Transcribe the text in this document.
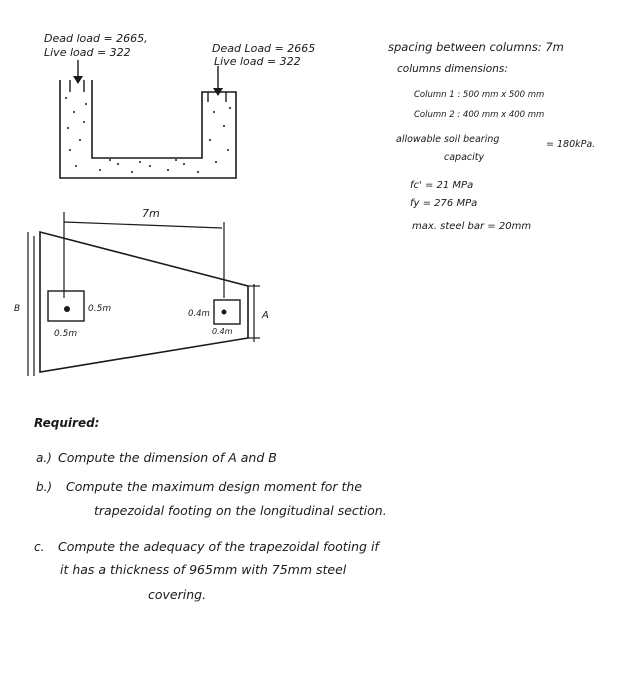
Dead load = 2665,
Live load = 322	Dead Load = 2665
Live load = 322
spacing between columns: 7m
columns dimensions:
Column 1 : 500 mm x 500 mm
Column 2 : 400 mm x 400 mm
allowable soil bearing	= 180kPa.
capacity
fc' = 21 MPa
fy = 276 MPa
max. steel bar = 20mm
7m
0.5m
0.5m
0.4m
0.4m
A
B
Required:
a.) Compute the dimension of A and B
b.) Compute the maximum design moment for the
trapezoidal footing on the longitudinal section.
c. Compute the adequacy of the trapezoidal footing if
it has a thickness of 965mm with 75mm steel
covering.
